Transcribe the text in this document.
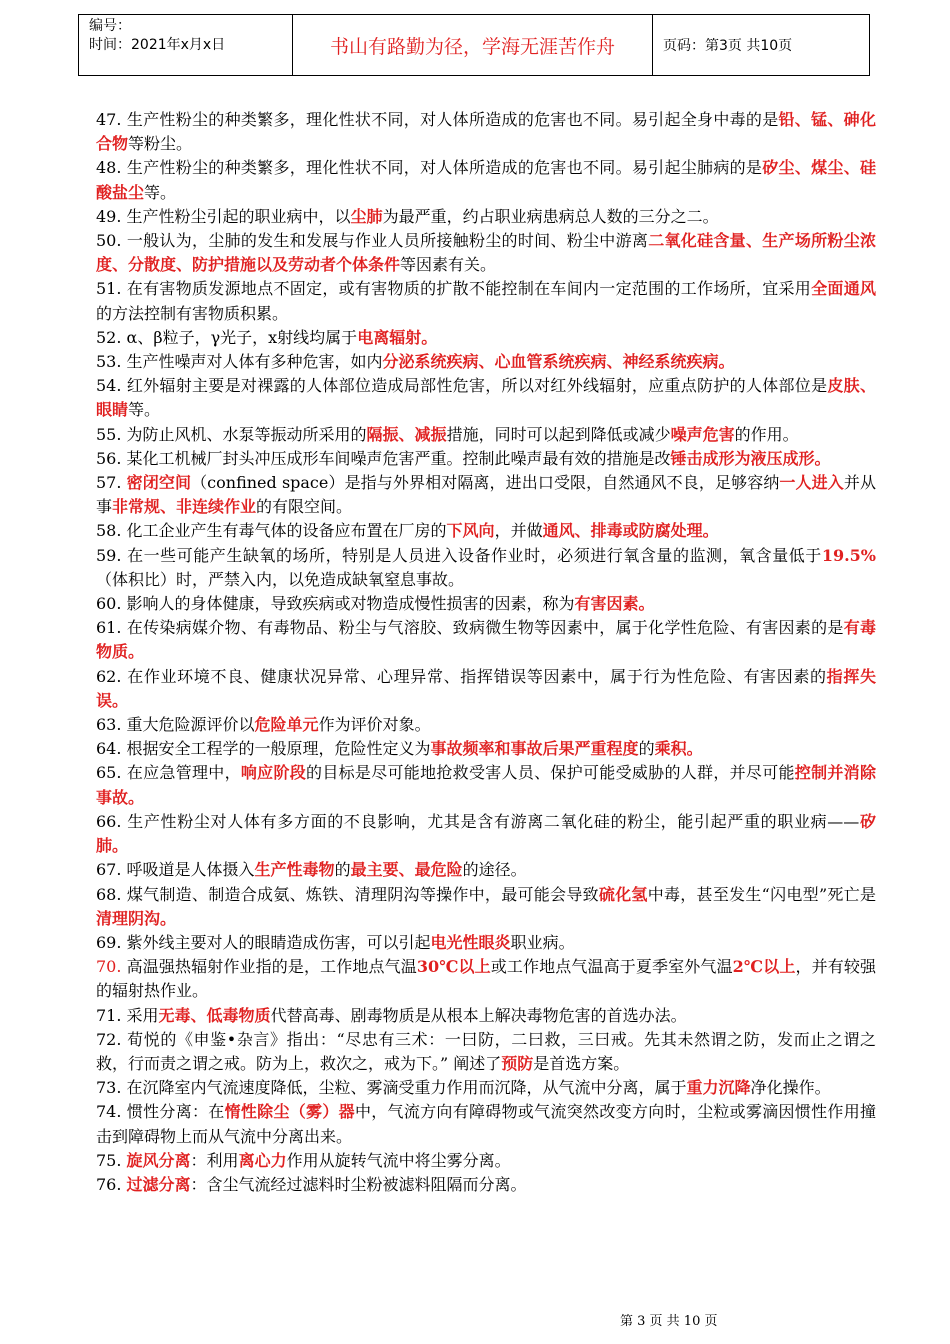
编号：
时间：2021年x月x日	书山有路勤为径，学海无涯苦作舟	页码：第3页 共10页
47. 生产性粉尘的种类繁多，理化性状不同，对人体所造成的危害也不同。易引起全身中毒的是铅、锰、砷化合物等粉尘。
48. 生产性粉尘的种类繁多，理化性状不同，对人体所造成的危害也不同。易引起尘肺病的是矽尘、煤尘、硅酸盐尘等。
49. 生产性粉尘引起的职业病中，以尘肺为最严重，约占职业病患病总人数的三分之二。
50. 一般认为，尘肺的发生和发展与作业人员所接触粉尘的时间、粉尘中游离二氧化硅含量、生产场所粉尘浓度、分散度、防护措施以及劳动者个体条件等因素有关。
51. 在有害物质发源地点不固定，或有害物质的扩散不能控制在车间内一定范围的工作场所，宜采用全面通风的方法控制有害物质积累。
52. α、β粒子，γ光子，x射线均属于电离辐射。
53. 生产性噪声对人体有多种危害，如内分泌系统疾病、心血管系统疾病、神经系统疾病。
54. 红外辐射主要是对裸露的人体部位造成局部性危害，所以对红外线辐射，应重点防护的人体部位是皮肤、眼睛等。
55. 为防止风机、水泵等振动所采用的隔振、减振措施，同时可以起到降低或减少噪声危害的作用。
56. 某化工机械厂封头冲压成形车间噪声危害严重。控制此噪声最有效的措施是改锤击成形为液压成形。
57. 密闭空间（confined space）是指与外界相对隔离，进出口受限，自然通风不良，足够容纳一人进入并从事非常规、非连续作业的有限空间。
58. 化工企业产生有毒气体的设备应布置在厂房的下风向，并做通风、排毒或防腐处理。
59. 在一些可能产生缺氧的场所，特别是人员进入设备作业时，必须进行氧含量的监测，氧含量低于19.5%（体积比）时，严禁入内，以免造成缺氧窒息事故。
60. 影响人的身体健康，导致疾病或对物造成慢性损害的因素，称为有害因素。
61. 在传染病媒介物、有毒物品、粉尘与气溶胶、致病微生物等因素中，属于化学性危险、有害因素的是有毒物质。
62. 在作业环境不良、健康状况异常、心理异常、指挥错误等因素中，属于行为性危险、有害因素的指挥失误。
63. 重大危险源评价以危险单元作为评价对象。
64. 根据安全工程学的一般原理，危险性定义为事故频率和事故后果严重程度的乘积。
65. 在应急管理中，响应阶段的目标是尽可能地抢救受害人员、保护可能受威胁的人群，并尽可能控制并消除事故。
66. 生产性粉尘对人体有多方面的不良影响，尤其是含有游离二氧化硅的粉尘，能引起严重的职业病——矽肺。
67. 呼吸道是人体摄入生产性毒物的最主要、最危险的途径。
68. 煤气制造、制造合成氨、炼铁、清理阴沟等操作中，最可能会导致硫化氢中毒，甚至发生“闪电型”死亡是清理阴沟。
69. 紫外线主要对人的眼睛造成伤害，可以引起电光性眼炎职业病。
70. 高温强热辐射作业指的是，工作地点气温30℃以上或工作地点气温高于夏季室外气温2℃以上，并有较强的辐射热作业。
71. 采用无毒、低毒物质代替高毒、剧毒物质是从根本上解决毒物危害的首选办法。
72. 荀悦的《申鉴•杂言》指出：“尽忠有三术：一曰防，二曰救，三曰戒。先其未然谓之防，发而止之谓之救，行而责之谓之戒。防为上，救次之，戒为下。” 阐述了预防是首选方案。
73. 在沉降室内气流速度降低，尘粒、雾滴受重力作用而沉降，从气流中分离，属于重力沉降净化操作。
74. 惯性分离：在惰性除尘（雾）器中，气流方向有障碍物或气流突然改变方向时，尘粒或雾滴因惯性作用撞击到障碍物上而从气流中分离出来。
75. 旋风分离：利用离心力作用从旋转气流中将尘雾分离。
76. 过滤分离：含尘气流经过滤料时尘粉被滤料阻隔而分离。
第 3 页 共 10 页
